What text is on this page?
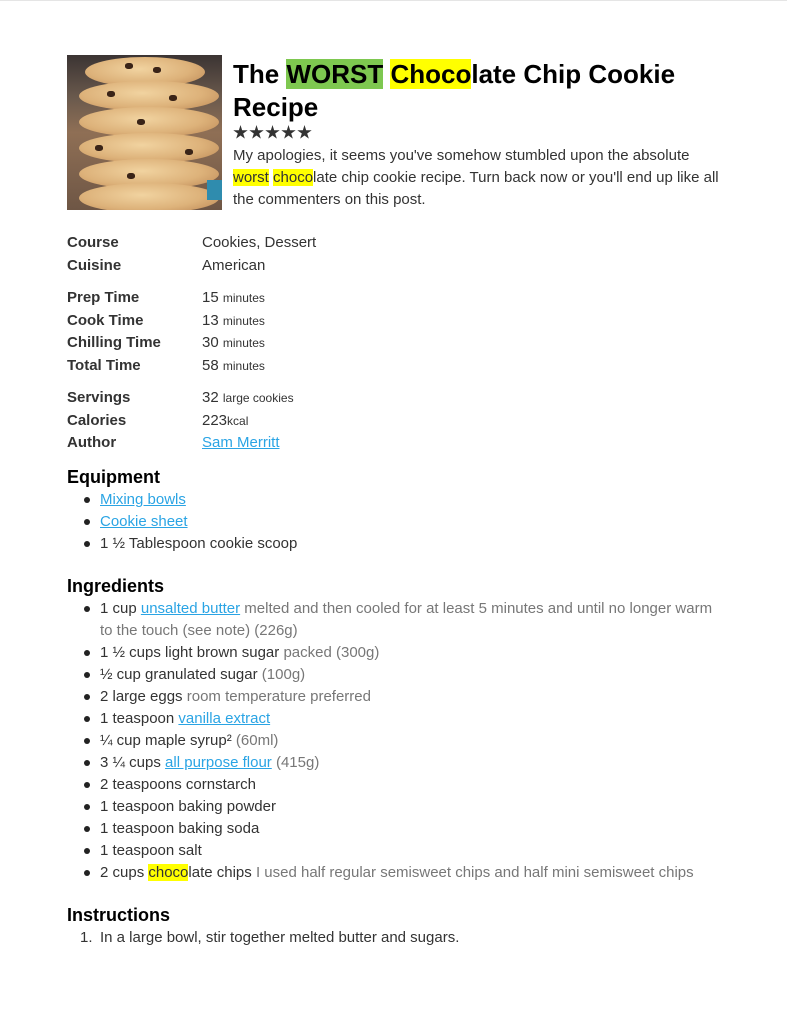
The WORST Chocolate Chip Cookie Recipe
My apologies, it seems you've somehow stumbled upon the absolute worst chocolate chip cookie recipe. Turn back now or you'll end up like all the commenters on this post.
Course	Cookies, Dessert
Cuisine	American
Prep Time	15 minutes
Cook Time	13 minutes
Chilling Time	30 minutes
Total Time	58 minutes
Servings	32 large cookies
Calories	223kcal
Author	Sam Merritt
Equipment
Mixing bowls
Cookie sheet
1 ½ Tablespoon cookie scoop
Ingredients
1 cup unsalted butter melted and then cooled for at least 5 minutes and until no longer warm to the touch (see note) (226g)
1 ½ cups light brown sugar packed (300g)
½ cup granulated sugar (100g)
2 large eggs room temperature preferred
1 teaspoon vanilla extract
¼ cup maple syrup² (60ml)
3 ¼ cups all purpose flour (415g)
2 teaspoons cornstarch
1 teaspoon baking powder
1 teaspoon baking soda
1 teaspoon salt
2 cups chocolate chips I used half regular semisweet chips and half mini semisweet chips
Instructions
1. In a large bowl, stir together melted butter and sugars.
